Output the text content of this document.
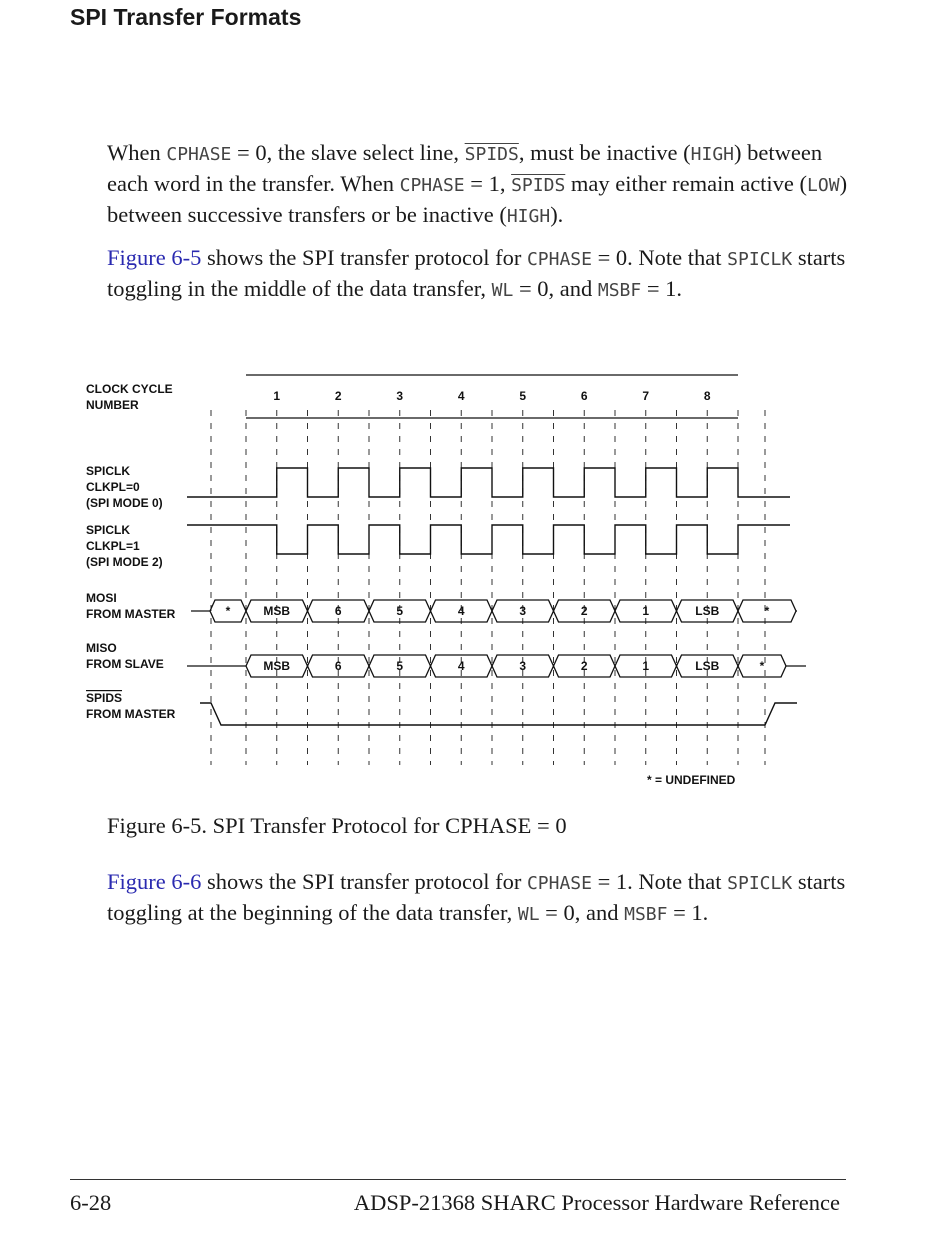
SPI Transfer Formats

When CPHASE = 0, the slave select line, SPIDS, must be inactive (HIGH) between each word in the transfer. When CPHASE = 1, SPIDS may either remain active (LOW) between successive transfers or be inactive (HIGH).

Figure 6-5 shows the SPI transfer protocol for CPHASE = 0. Note that SPICLK starts toggling in the middle of the data transfer, WL = 0, and MSBF = 1.

1	2	3	4	5	6	7	8
*	MSB	6	5	4	3	2	1	LSB	*
MSB	6	5	4	3	2	1	LSB	*
CLOCK CYCLE
NUMBER
SPICLK
CLKPL=0
(SPI MODE 0)
SPICLK
CLKPL=1
(SPI MODE 2)
MOSI
FROM MASTER
MISO
FROM SLAVE
SPIDS
FROM MASTER
* = UNDEFINED
Figure 6-5. SPI Transfer Protocol for CPHASE = 0

Figure 6-6 shows the SPI transfer protocol for CPHASE = 1. Note that SPICLK starts toggling at the beginning of the data transfer, WL = 0, and MSBF = 1.

6-28	ADSP-21368 SHARC Processor Hardware Reference
